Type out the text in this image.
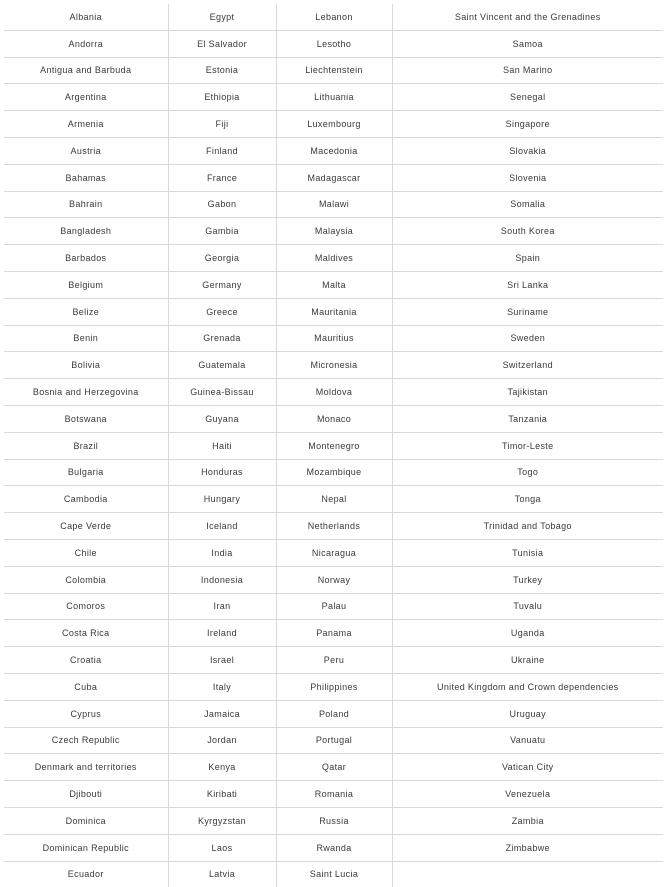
Albania	Egypt	Lebanon	Saint Vincent and the Grenadines
Andorra	El Salvador	Lesotho	Samoa
Antigua and Barbuda	Estonia	Liechtenstein	San Marino
Argentina	Ethiopia	Lithuania	Senegal
Armenia	Fiji	Luxembourg	Singapore
Austria	Finland	Macedonia	Slovakia
Bahamas	France	Madagascar	Slovenia
Bahrain	Gabon	Malawi	Somalia
Bangladesh	Gambia	Malaysia	South Korea
Barbados	Georgia	Maldives	Spain
Belgium	Germany	Malta	Sri Lanka
Belize	Greece	Mauritania	Suriname
Benin	Grenada	Mauritius	Sweden
Bolivia	Guatemala	Micronesia	Switzerland
Bosnia and Herzegovina	Guinea-Bissau	Moldova	Tajikistan
Botswana	Guyana	Monaco	Tanzania
Brazil	Haiti	Montenegro	Timor-Leste
Bulgaria	Honduras	Mozambique	Togo
Cambodia	Hungary	Nepal	Tonga
Cape Verde	Iceland	Netherlands	Trinidad and Tobago
Chile	India	Nicaragua	Tunisia
Colombia	Indonesia	Norway	Turkey
Comoros	Iran	Palau	Tuvalu
Costa Rica	Ireland	Panama	Uganda
Croatia	Israel	Peru	Ukraine
Cuba	Italy	Philippines	United Kingdom and Crown dependencies
Cyprus	Jamaica	Poland	Uruguay
Czech Republic	Jordan	Portugal	Vanuatu
Denmark and territories	Kenya	Qatar	Vatican City
Djibouti	Kiribati	Romania	Venezuela
Dominica	Kyrgyzstan	Russia	Zambia
Dominican Republic	Laos	Rwanda	Zimbabwe
Ecuador	Latvia	Saint Lucia	
